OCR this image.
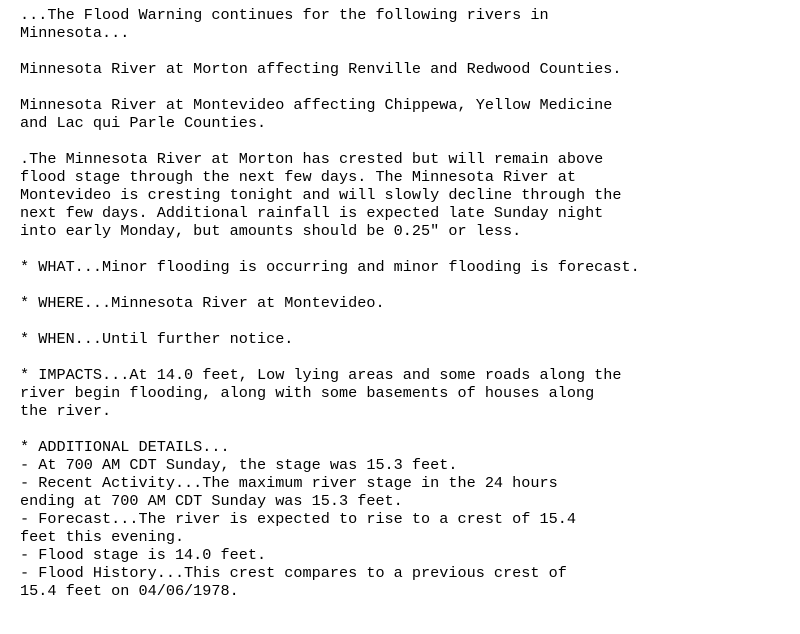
...The Flood Warning continues for the following rivers in
Minnesota...
Minnesota River at Morton affecting Renville and Redwood Counties.
Minnesota River at Montevideo affecting Chippewa, Yellow Medicine
and Lac qui Parle Counties.
.The Minnesota River at Morton has crested but will remain above
flood stage through the next few days. The Minnesota River at
Montevideo is cresting tonight and will slowly decline through the
next few days. Additional rainfall is expected late Sunday night
into early Monday, but amounts should be 0.25" or less.
* WHAT...Minor flooding is occurring and minor flooding is forecast.
* WHERE...Minnesota River at Montevideo.
* WHEN...Until further notice.
* IMPACTS...At 14.0 feet, Low lying areas and some roads along the
river begin flooding, along with some basements of houses along
the river.
* ADDITIONAL DETAILS...
- At 700 AM CDT Sunday, the stage was 15.3 feet.
- Recent Activity...The maximum river stage in the 24 hours
ending at 700 AM CDT Sunday was 15.3 feet.
- Forecast...The river is expected to rise to a crest of 15.4
feet this evening.
- Flood stage is 14.0 feet.
- Flood History...This crest compares to a previous crest of
15.4 feet on 04/06/1978.
